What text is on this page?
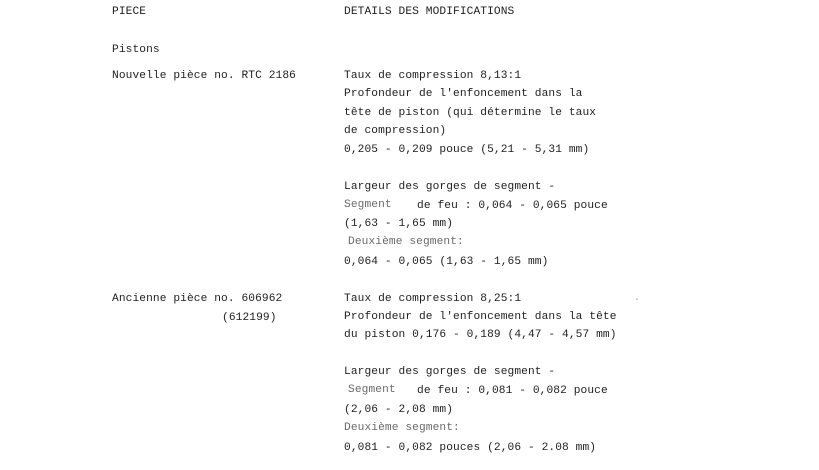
PIECE	DETAILS DES MODIFICATIONS
Pistons
Nouvelle pièce no. RTC 2186	Taux de compression 8,13:1
Profondeur de l'enfoncement dans la
tête de piston (qui détermine le taux
de compression)
0,205 - 0,209 pouce (5,21 - 5,31 mm)
Largeur des gorges de segment -
Segment de feu : 0,064 - 0,065 pouce
(1,63 - 1,65 mm)
Deuxième segment:
0,064 - 0,065 (1,63 - 1,65 mm)
Ancienne pièce no. 606962
(612199)
Taux de compression 8,25:1
Profondeur de l'enfoncement dans la tête
du piston 0,176 - 0,189 (4,47 - 4,57 mm)
Largeur des gorges de segment -
Segment de feu : 0,081 - 0,082 pouce
(2,06 - 2,08 mm)
Deuxième segment:
0,081 - 0,082 pouces (2,06 - 2.08 mm)
